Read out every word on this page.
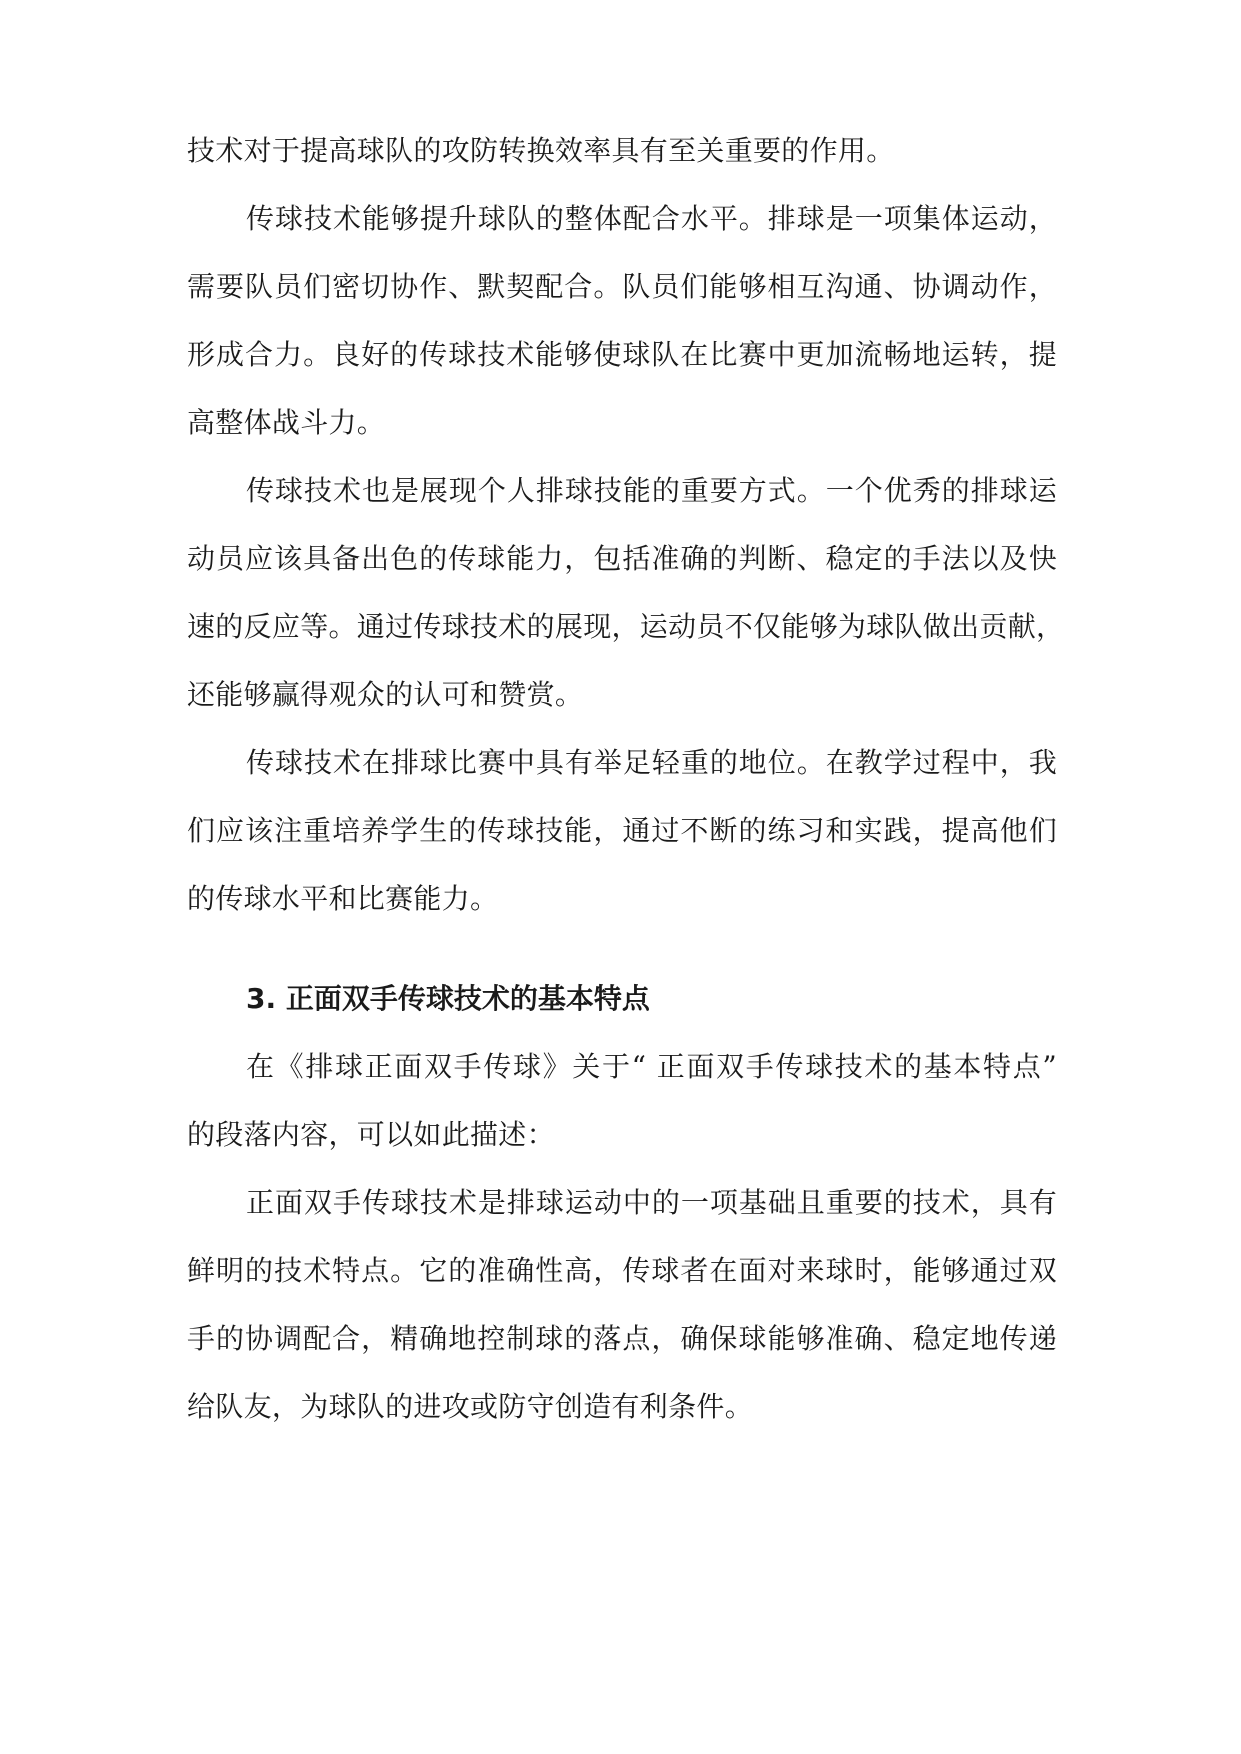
技术对于提高球队的攻防转换效率具有至关重要的作用。
传球技术能够提升球队的整体配合水平。排球是一项集体运动，
需要队员们密切协作、默契配合。队员们能够相互沟通、协调动作，
形成合力。良好的传球技术能够使球队在比赛中更加流畅地运转，提
高整体战斗力。
传球技术也是展现个人排球技能的重要方式。一个优秀的排球运
动员应该具备出色的传球能力，包括准确的判断、稳定的手法以及快
速的反应等。通过传球技术的展现，运动员不仅能够为球队做出贡献，
还能够赢得观众的认可和赞赏。
传球技术在排球比赛中具有举足轻重的地位。在教学过程中，我
们应该注重培养学生的传球技能，通过不断的练习和实践，提高他们
的传球水平和比赛能力。
3. 正面双手传球技术的基本特点
在《排球正面双手传球》关于“ 正面双手传球技术的基本特点”
的段落内容，可以如此描述：
正面双手传球技术是排球运动中的一项基础且重要的技术，具有
鲜明的技术特点。它的准确性高，传球者在面对来球时，能够通过双
手的协调配合，精确地控制球的落点，确保球能够准确、稳定地传递
给队友，为球队的进攻或防守创造有利条件。
